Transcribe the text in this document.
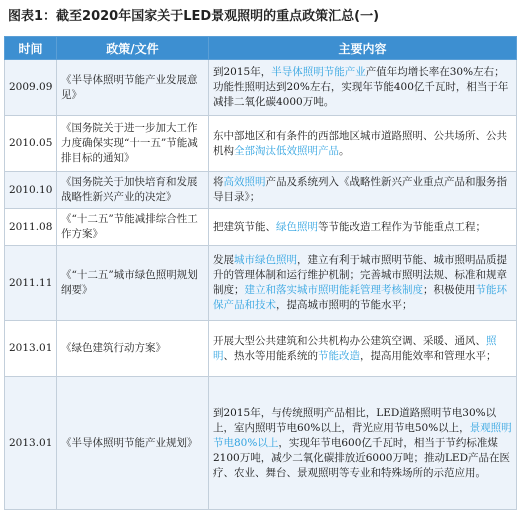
图表1：截至2020年国家关于LED景观照明的重点政策汇总(一)
时间	政策/文件	主要内容
2009.09	《半导体照明节能产业发展意见》	到2015年，半导体照明节能产业产值年均增长率在30%左右；功能性照明达到20%左右，实现年节能400亿千瓦时，相当于年减排二氧化碳4000万吨。
2010.05	《国务院关于进一步加大工作力度确保实现“十一五”节能减排目标的通知》	东中部地区和有条件的西部地区城市道路照明、公共场所、公共机构全部淘汰低效照明产品。
2010.10	《国务院关于加快培育和发展战略性新兴产业的决定》	将高效照明产品及系统列入《战略性新兴产业重点产品和服务指导目录》；
2011.08	《“十二五”节能减排综合性工作方案》	把建筑节能、绿色照明等节能改造工程作为节能重点工程；
2011.11	《“十二五”城市绿色照明规划纲要》	发展城市绿色照明，建立有利于城市照明节能、城市照明品质提升的管理体制和运行维护机制；完善城市照明法规、标准和规章制度；建立和落实城市照明能耗管理考核制度；积极使用节能环保产品和技术，提高城市照明的节能水平；
2013.01	《绿色建筑行动方案》	开展大型公共建筑和公共机构办公建筑空调、采暖、通风、照明、热水等用能系统的节能改造，提高用能效率和管理水平；
2013.01	《半导体照明节能产业规划》	到2015年，与传统照明产品相比，LED道路照明节电30%以上，室内照明节电60%以上，背光应用节电50%以上，景观照明节电80%以上，实现年节电600亿千瓦时，相当于节约标准煤2100万吨，减少二氧化碳排放近6000万吨；推动LED产品在医疗、农业、舞台、景观照明等专业和特殊场所的示范应用。
